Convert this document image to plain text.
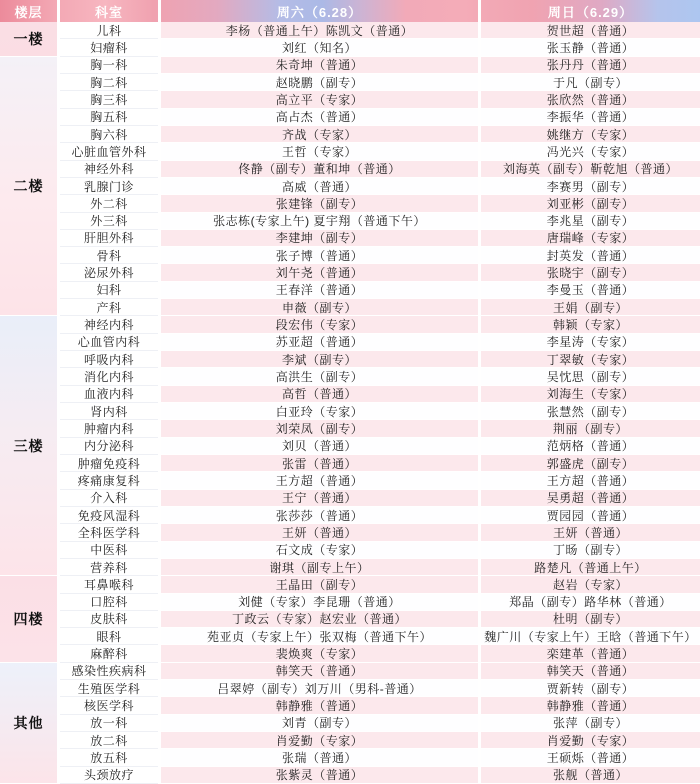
楼层	科室	周六（6.28）	周日（6.29）
一楼
儿科	李杨（普通上午）陈凯文（普通）	贺世超（普通）
妇瘤科	刘红（知名）	张玉静（普通）
二楼
胸一科	朱奇坤（普通）	张丹丹（普通）
胸二科	赵晓鹏（副专）	于凡（副专）
胸三科	高立平（专家）	张欣然（普通）
胸五科	高占杰（普通）	李振华（普通）
胸六科	齐战（专家）	姚继方（专家）
心脏血管外科	王哲（专家）	冯光兴（专家）
神经外科	佟静（副专）董和坤（普通）	刘海英（副专）靳乾旭（普通）
乳腺门诊	高威（普通）	李赛男（副专）
外二科	张建锋（副专）	刘亚彬（副专）
外三科	张志栋(专家上午) 夏宇翔（普通下午）	李兆星（副专）
肝胆外科	李建坤（副专）	唐瑞峰（专家）
骨科	张子博（普通）	封英发（普通）
泌尿外科	刘午尧（普通）	张晓宇（副专）
妇科	王春洋（普通）	李曼玉（普通）
产科	申薇（副专）	王娟（副专）
三楼
神经内科	段宏伟（专家）	韩颖（专家）
心血管内科	苏亚超（普通）	李星涛（专家）
呼吸内科	李斌（副专）	丁翠敏（专家）
消化内科	高洪生（副专）	吴忱思（副专）
血液内科	高哲（普通）	刘海生（专家）
肾内科	白亚玲（专家）	张慧然（副专）
肿瘤内科	刘荣凤（副专）	荆丽（副专）
内分泌科	刘贝（普通）	范炳格（普通）
肿瘤免疫科	张雷（普通）	郭盛虎（副专）
疼痛康复科	王方超（普通）	王方超（普通）
介入科	王宁（普通）	吴勇超（普通）
免疫风湿科	张莎莎（普通）	贾园园（普通）
全科医学科	王妍（普通）	王妍（普通）
中医科	石文成（专家）	丁旸（副专）
营养科	谢琪（副专上午）	路楚凡（普通上午）
四楼
耳鼻喉科	王晶田（副专）	赵岩（专家）
口腔科	刘健（专家）李昆珊（普通）	郑晶（副专）路华林（普通）
皮肤科	丁政云（专家）赵宏业（普通）	杜明（副专）
眼科	苑亚贞（专家上午）张双梅（普通下午）	魏广川（专家上午）王晗（普通下午）
麻醉科	裴焕爽（专家）	栾建革（普通）
其他
感染性疾病科	韩笑天（普通）	韩笑天（普通）
生殖医学科	吕翠婷（副专）刘万川（男科-普通）	贾新转（副专）
核医学科	韩静雅（普通）	韩静雅（普通）
放一科	刘青（副专）	张萍（副专）
放二科	肖爱勤（专家）	肖爱勤（专家）
放五科	张瑞（普通）	王硕烁（普通）
头颈放疗	张紫灵（普通）	张舰（普通）
